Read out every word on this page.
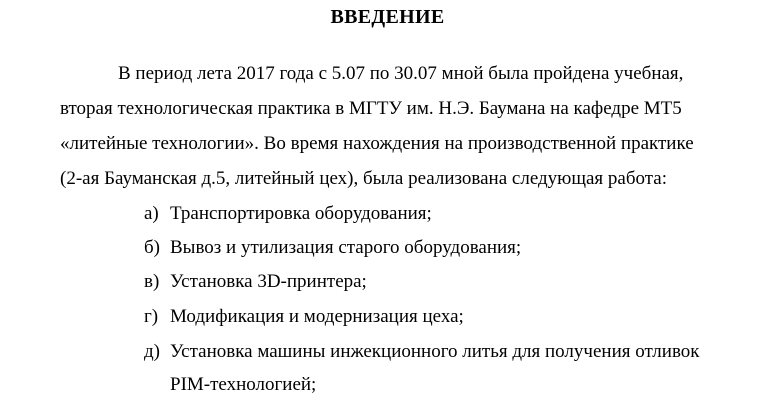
ВВЕДЕНИЕ
В период лета 2017 года с 5.07 по 30.07 мной была пройдена учебная,
вторая технологическая практика в МГТУ им. Н.Э. Баумана на кафедре МТ5
«литейные технологии». Во время нахождения на производственной практике
(2-ая Бауманская д.5, литейный цех), была реализована следующая работа:
а) Транспортировка оборудования;
б) Вывоз и утилизация старого оборудования;
в) Установка 3D-принтера;
г) Модификация и модернизация цеха;
д) Установка машины инжекционного литья для получения отливок
PIM-технологией;
